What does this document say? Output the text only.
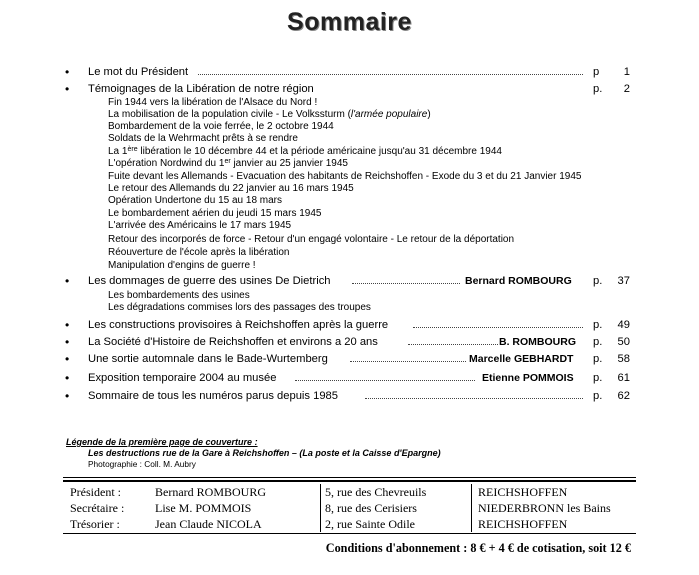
Sommaire
• Le mot du Président	p 1
• Témoignages de la Libération de notre région	p. 2
Fin 1944 vers la libération de l'Alsace du Nord !
La mobilisation de la population civile - Le Volkssturm (l'armée populaire)
Bombardement de la voie ferrée, le 2 octobre 1944
Soldats de la Wehrmacht prêts à se rendre
La 1ère libération le 10 décembre 44 et la période américaine jusqu'au 31 décembre 1944
L'opération Nordwind du 1er janvier au 25 janvier 1945
Fuite devant les Allemands - Evacuation des habitants de Reichshoffen - Exode du 3 et du 21 Janvier 1945
Le retour des Allemands du 22 janvier au 16 mars 1945
Opération Undertone du 15 au 18 mars
Le bombardement aérien du jeudi 15 mars 1945
L'arrivée des Américains le 17 mars 1945
Retour des incorporés de force - Retour d'un engagé volontaire - Le retour de la déportation
Réouverture de l'école après la libération
Manipulation d'engins de guerre !
• Les dommages de guerre des usines De Dietrich	Bernard ROMBOURG p. 37
Les bombardements des usines
Les dégradations commises lors des passages des troupes
• Les constructions provisoires à Reichshoffen après la guerre	p. 49
• La Société d'Histoire de Reichshoffen et environs a 20 ans	B. ROMBOURG p. 50
• Une sortie automnale dans le Bade-Wurtemberg	Marcelle GEBHARDT p. 58
• Exposition temporaire 2004 au musée	Etienne POMMOIS p. 61
• Sommaire de tous les numéros parus depuis 1985	p. 62
Légende de la première page de couverture :
Les destructions rue de la Gare à Reichshoffen – (La poste et la Caisse d'Epargne)
Photographie : Coll. M. Aubry
Président :	Bernard ROMBOURG	5, rue des Chevreuils	REICHSHOFFEN
Secrétaire :	Lise M. POMMOIS	8, rue des Cerisiers	NIEDERBRONN les Bains
Trésorier :	Jean Claude NICOLA	2, rue Sainte Odile	REICHSHOFFEN
Conditions d'abonnement : 8 € + 4 € de cotisation, soit 12 €
